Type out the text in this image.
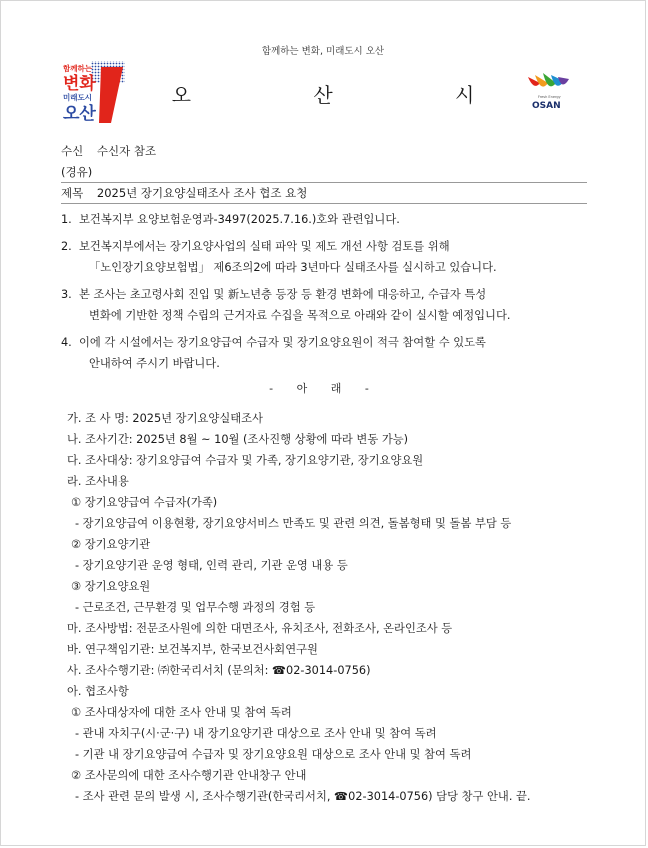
함께하는 변화, 미래도시 오산
함께하는
변화
미래도시
오산
오 산 시	Fresh Energy
OSAN
수신 수신자 참조
(경유)
제목 2025년 장기요양실태조사 조사 협조 요청
1. 보건복지부 요양보험운영과-3497(2025.7.16.)호와 관련입니다.
2. 보건복지부에서는 장기요양사업의 실태 파악 및 제도 개선 사항 검토를 위해
「노인장기요양보험법」 제6조의2에 따라 3년마다 실태조사를 실시하고 있습니다.
3. 본 조사는 초고령사회 진입 및 新노년층 등장 등 환경 변화에 대응하고, 수급자 특성
변화에 기반한 정책 수립의 근거자료 수집을 목적으로 아래와 같이 실시할 예정입니다.
4. 이에 각 시설에서는 장기요양급여 수급자 및 장기요양요원이 적극 참여할 수 있도록
안내하여 주시기 바랍니다.
- 아 래 -
가. 조 사 명: 2025년 장기요양실태조사
나. 조사기간: 2025년 8월 ~ 10월 (조사진행 상황에 따라 변동 가능)
다. 조사대상: 장기요양급여 수급자 및 가족, 장기요양기관, 장기요양요원
라. 조사내용
① 장기요양급여 수급자(가족)
- 장기요양급여 이용현황, 장기요양서비스 만족도 및 관련 의견, 돌봄형태 및 돌봄 부담 등
② 장기요양기관
- 장기요양기관 운영 형태, 인력 관리, 기관 운영 내용 등
③ 장기요양요원
- 근로조건, 근무환경 및 업무수행 과정의 경험 등
마. 조사방법: 전문조사원에 의한 대면조사, 유치조사, 전화조사, 온라인조사 등
바. 연구책임기관: 보건복지부, 한국보건사회연구원
사. 조사수행기관: ㈜한국리서치 (문의처: ☎02-3014-0756)
아. 협조사항
① 조사대상자에 대한 조사 안내 및 참여 독려
- 관내 자치구(시·군·구) 내 장기요양기관 대상으로 조사 안내 및 참여 독려
- 기관 내 장기요양급여 수급자 및 장기요양요원 대상으로 조사 안내 및 참여 독려
② 조사문의에 대한 조사수행기관 안내창구 안내
- 조사 관련 문의 발생 시, 조사수행기관(한국리서치, ☎02-3014-0756) 담당 창구 안내. 끝.
